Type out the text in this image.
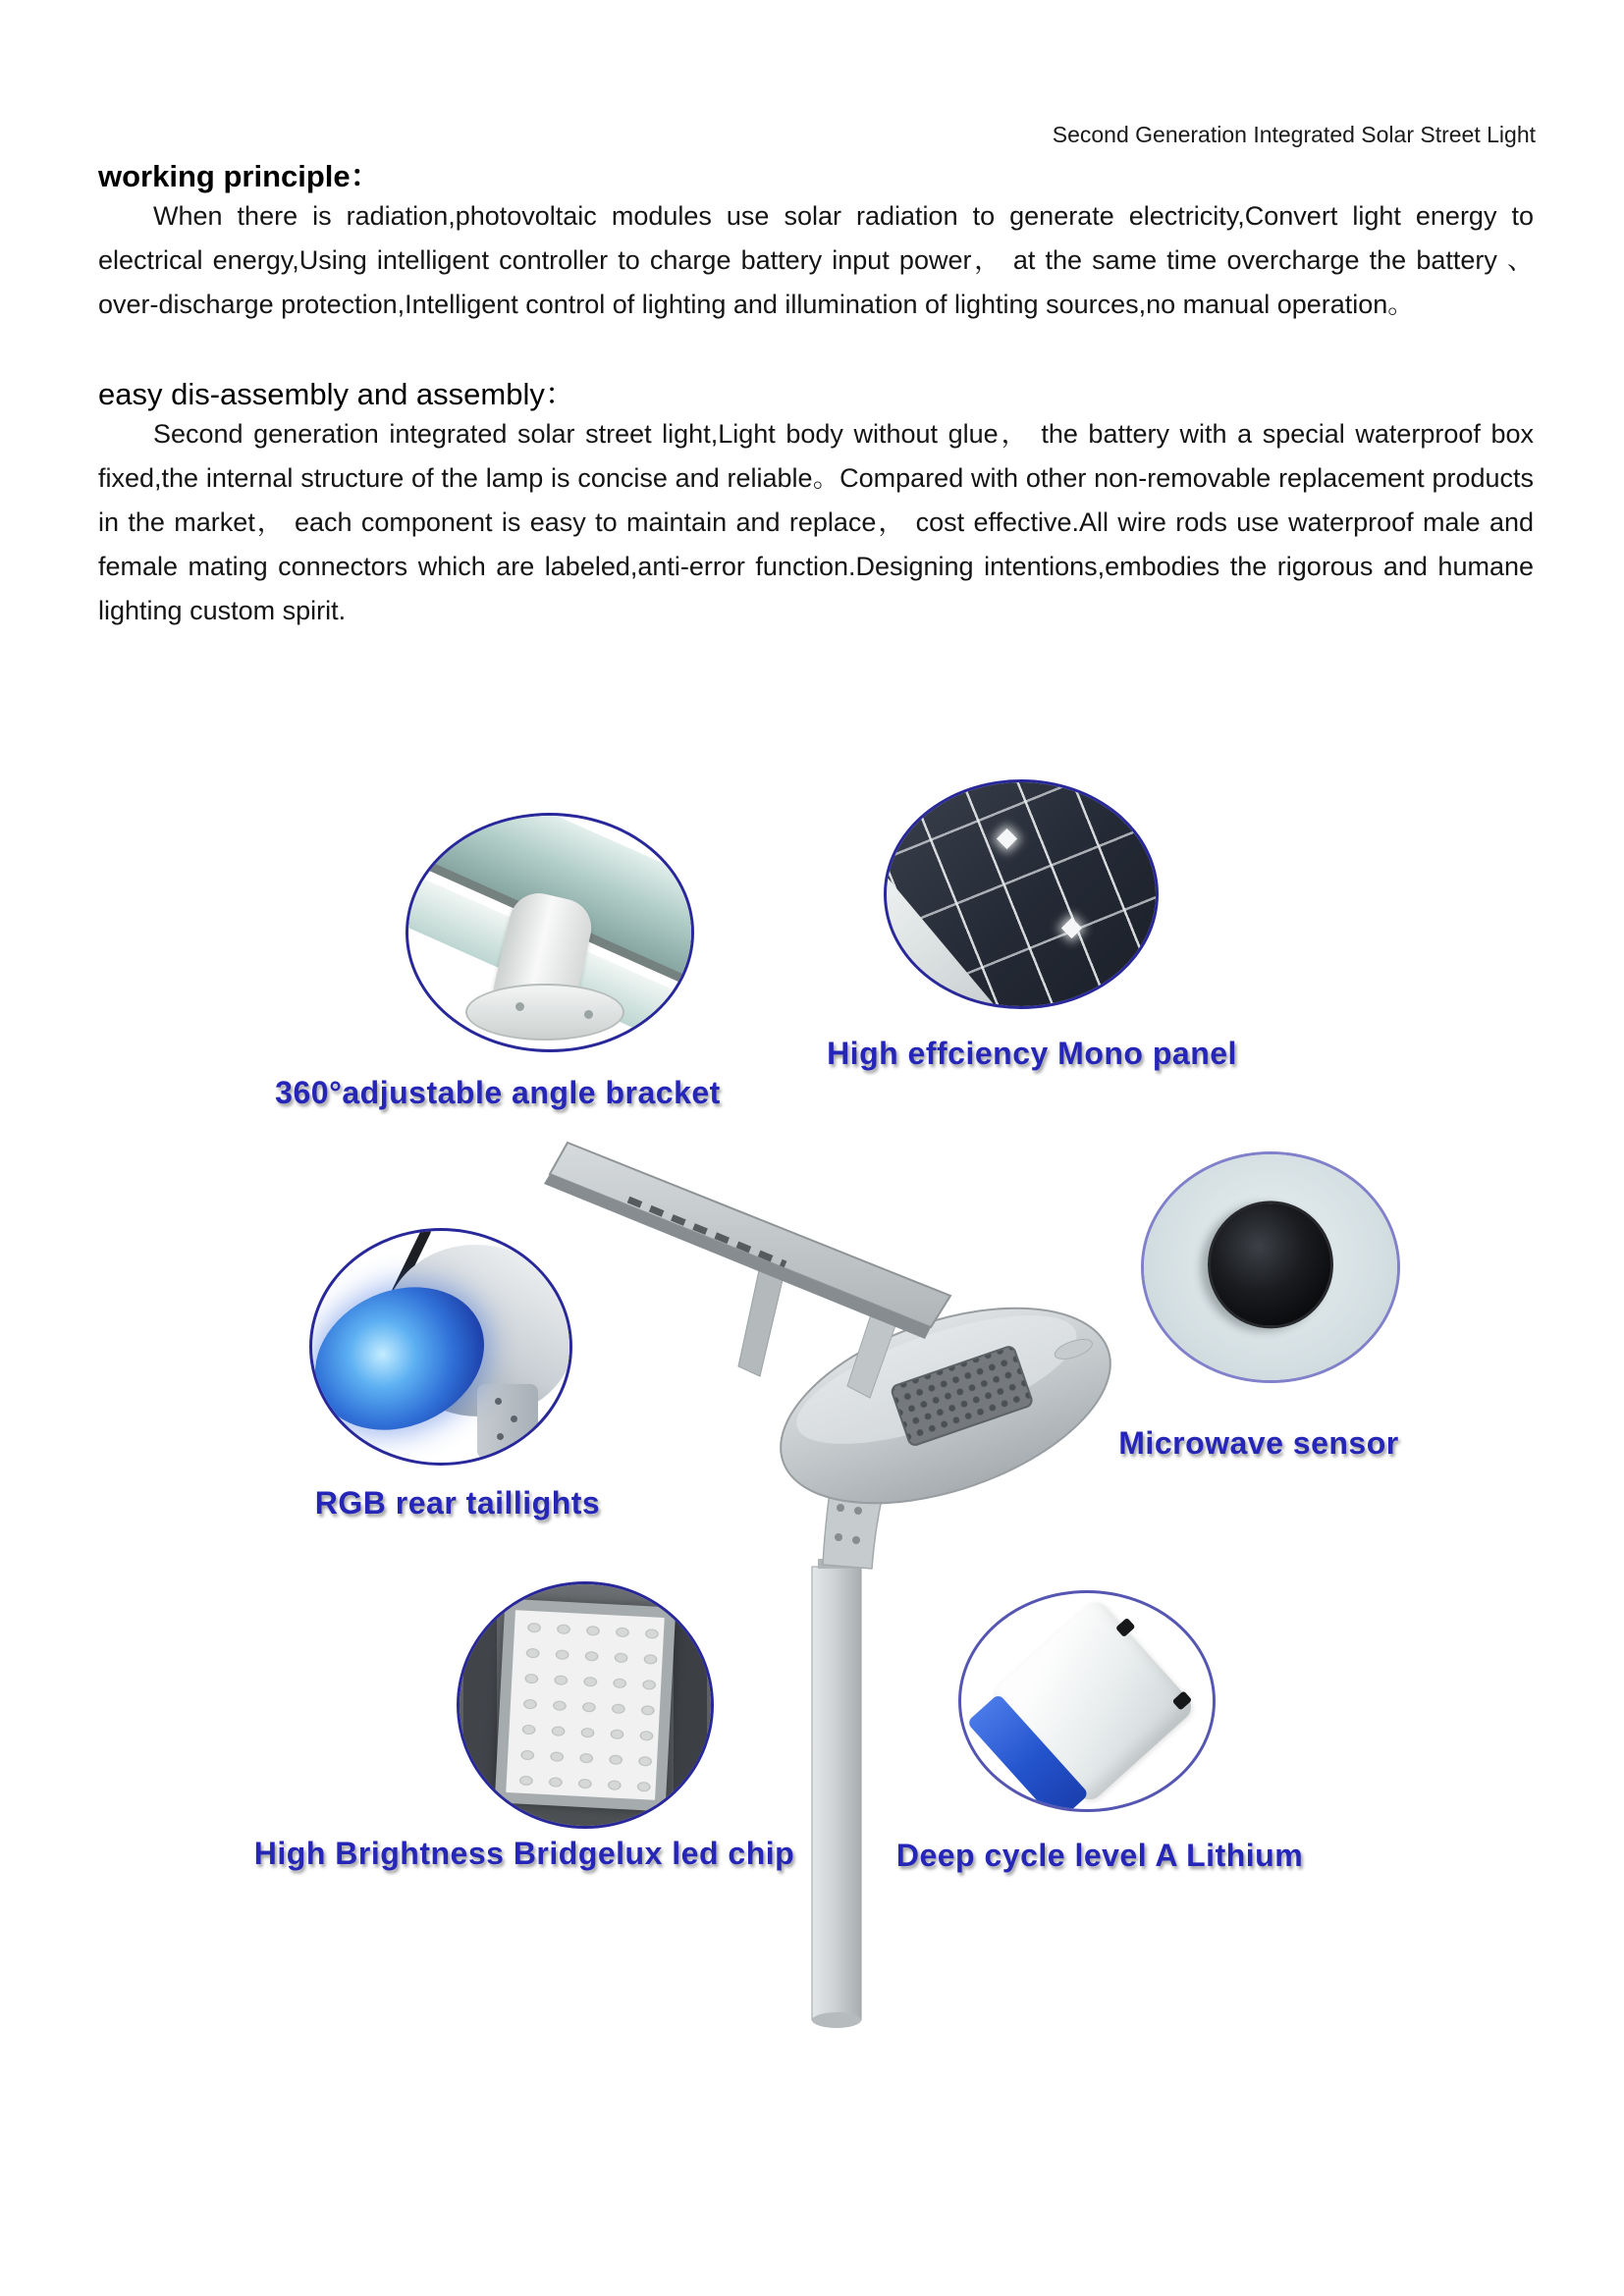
Second Generation Integrated Solar Street Light
working principle：
When there is radiation,photovoltaic modules use solar radiation to generate electricity,Convert light energy to electrical energy,Using intelligent controller to charge battery input power， at the same time overcharge the battery 、over-discharge protection,Intelligent control of lighting and illumination of lighting sources,no manual operation。
easy dis-assembly and assembly：
Second generation integrated solar street light,Light body without glue， the battery with a special waterproof box fixed,the internal structure of the lamp is concise and reliable。Compared with other non-removable replacement products in the market， each component is easy to maintain and replace， cost effective.All wire rods use waterproof male and female mating connectors which are labeled,anti-error function.Designing intentions,embodies the rigorous and humane lighting custom spirit.
360°adjustable angle bracket
High effciency Mono panel
RGB rear taillights
Microwave sensor
High Brightness Bridgelux led chip	Deep cycle level A Lithium
